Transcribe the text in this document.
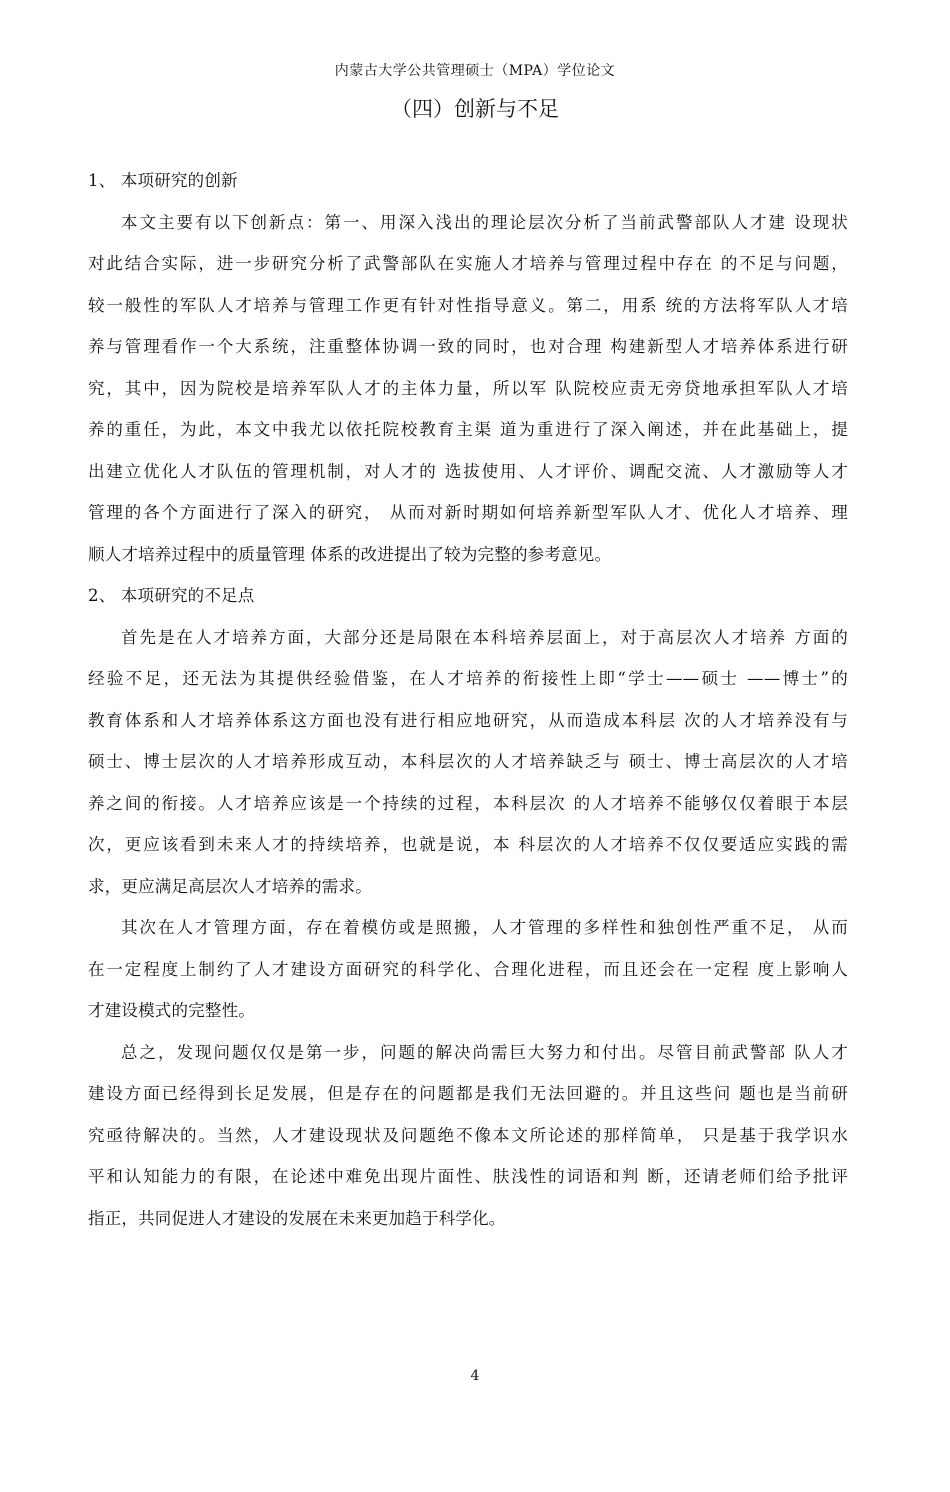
内蒙古大学公共管理硕士（MPA）学位论文
（四）创新与不足
1、 本项研究的创新
本文主要有以下创新点：第一、用深入浅出的理论层次分析了当前武警部队人才建 设现状
对此结合实际，进一步研究分析了武警部队在实施人才培养与管理过程中存在 的不足与问题，
较一般性的军队人才培养与管理工作更有针对性指导意义。第二，用系 统的方法将军队人才培
养与管理看作一个大系统，注重整体协调一致的同时，也对合理 构建新型人才培养体系进行研
究，其中，因为院校是培养军队人才的主体力量，所以军 队院校应责无旁贷地承担军队人才培
养的重任，为此，本文中我尤以依托院校教育主渠 道为重进行了深入阐述，并在此基础上，提
出建立优化人才队伍的管理机制，对人才的 选拔使用、人才评价、调配交流、人才激励等人才
管理的各个方面进行了深入的研究， 从而对新时期如何培养新型军队人才、优化人才培养、理
顺人才培养过程中的质量管理 体系的改进提出了较为完整的参考意见。
2、 本项研究的不足点
首先是在人才培养方面，大部分还是局限在本科培养层面上，对于高层次人才培养 方面的
经验不足，还无法为其提供经验借鉴，在人才培养的衔接性上即“学士——硕士 ——博士”的
教育体系和人才培养体系这方面也没有进行相应地研究，从而造成本科层 次的人才培养没有与
硕士、博士层次的人才培养形成互动，本科层次的人才培养缺乏与 硕士、博士高层次的人才培
养之间的衔接。人才培养应该是一个持续的过程，本科层次 的人才培养不能够仅仅着眼于本层
次，更应该看到未来人才的持续培养，也就是说，本 科层次的人才培养不仅仅要适应实践的需
求，更应满足高层次人才培养的需求。
其次在人才管理方面，存在着模仿或是照搬，人才管理的多样性和独创性严重不足， 从而
在一定程度上制约了人才建设方面研究的科学化、合理化进程，而且还会在一定程 度上影响人
才建设模式的完整性。
总之，发现问题仅仅是第一步，问题的解决尚需巨大努力和付出。尽管目前武警部 队人才
建设方面已经得到长足发展，但是存在的问题都是我们无法回避的。并且这些问 题也是当前研
究亟待解决的。当然，人才建设现状及问题绝不像本文所论述的那样简单， 只是基于我学识水
平和认知能力的有限，在论述中难免出现片面性、肤浅性的词语和判 断，还请老师们给予批评
指正，共同促进人才建设的发展在未来更加趋于科学化。
4
